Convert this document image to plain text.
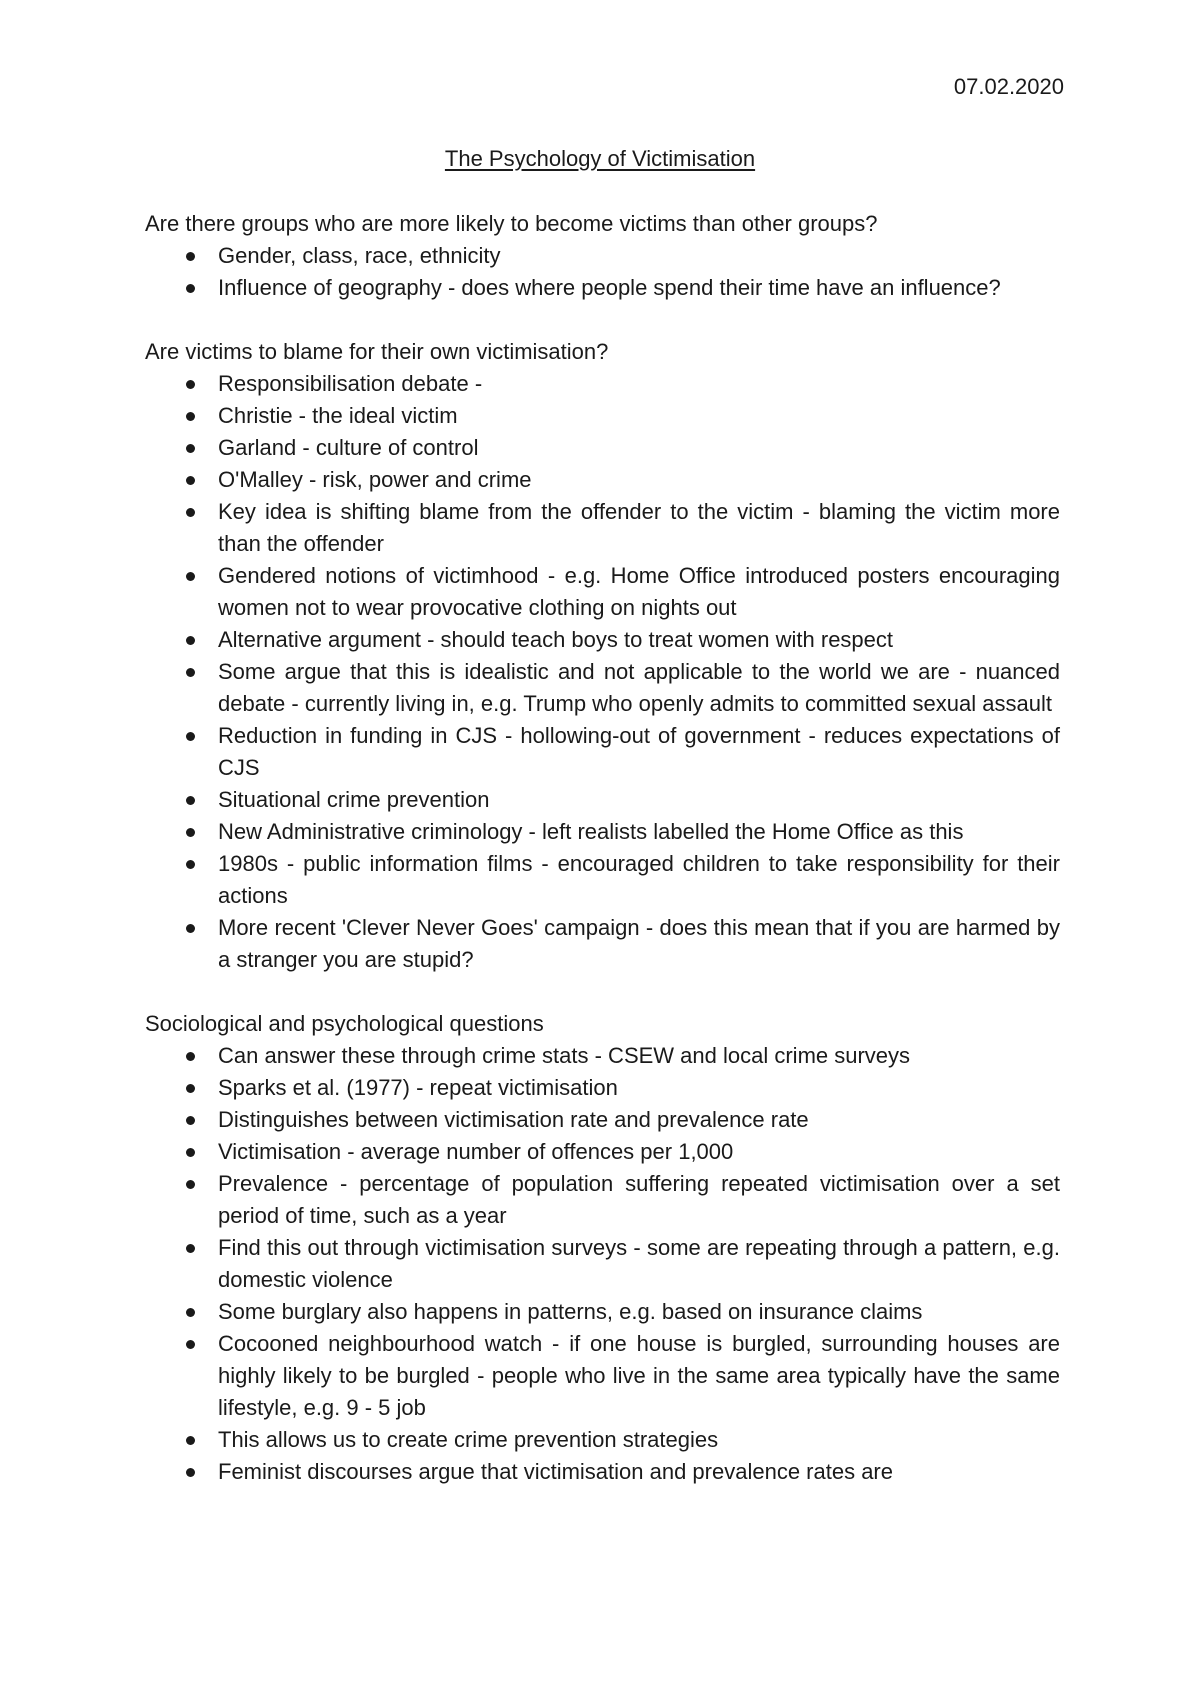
07.02.2020
The Psychology of Victimisation

Are there groups who are more likely to become victims than other groups?

Gender, class, race, ethnicity
Influence of geography - does where people spend their time have an influence?

Are victims to blame for their own victimisation?

Responsibilisation debate -
Christie - the ideal victim
Garland - culture of control
O'Malley - risk, power and crime
Key idea is shifting blame from the offender to the victim - blaming the victim more than the offender
Gendered notions of victimhood - e.g. Home Office introduced posters encouraging women not to wear provocative clothing on nights out
Alternative argument - should teach boys to treat women with respect
Some argue that this is idealistic and not applicable to the world we are - nuanced debate - currently living in, e.g. Trump who openly admits to committed sexual assault
Reduction in funding in CJS - hollowing-out of government - reduces expectations of CJS
Situational crime prevention
New Administrative criminology - left realists labelled the Home Office as this
1980s - public information films - encouraged children to take responsibility for their actions
More recent 'Clever Never Goes' campaign - does this mean that if you are harmed by a stranger you are stupid?

Sociological and psychological questions

Can answer these through crime stats - CSEW and local crime surveys
Sparks et al. (1977) - repeat victimisation
Distinguishes between victimisation rate and prevalence rate
Victimisation - average number of offences per 1,000
Prevalence - percentage of population suffering repeated victimisation over a set period of time, such as a year
Find this out through victimisation surveys - some are repeating through a pattern, e.g. domestic violence
Some burglary also happens in patterns, e.g. based on insurance claims
Cocooned neighbourhood watch - if one house is burgled, surrounding houses are highly likely to be burgled - people who live in the same area typically have the same lifestyle, e.g. 9 - 5 job
This allows us to create crime prevention strategies
Feminist discourses argue that victimisation and prevalence rates are
